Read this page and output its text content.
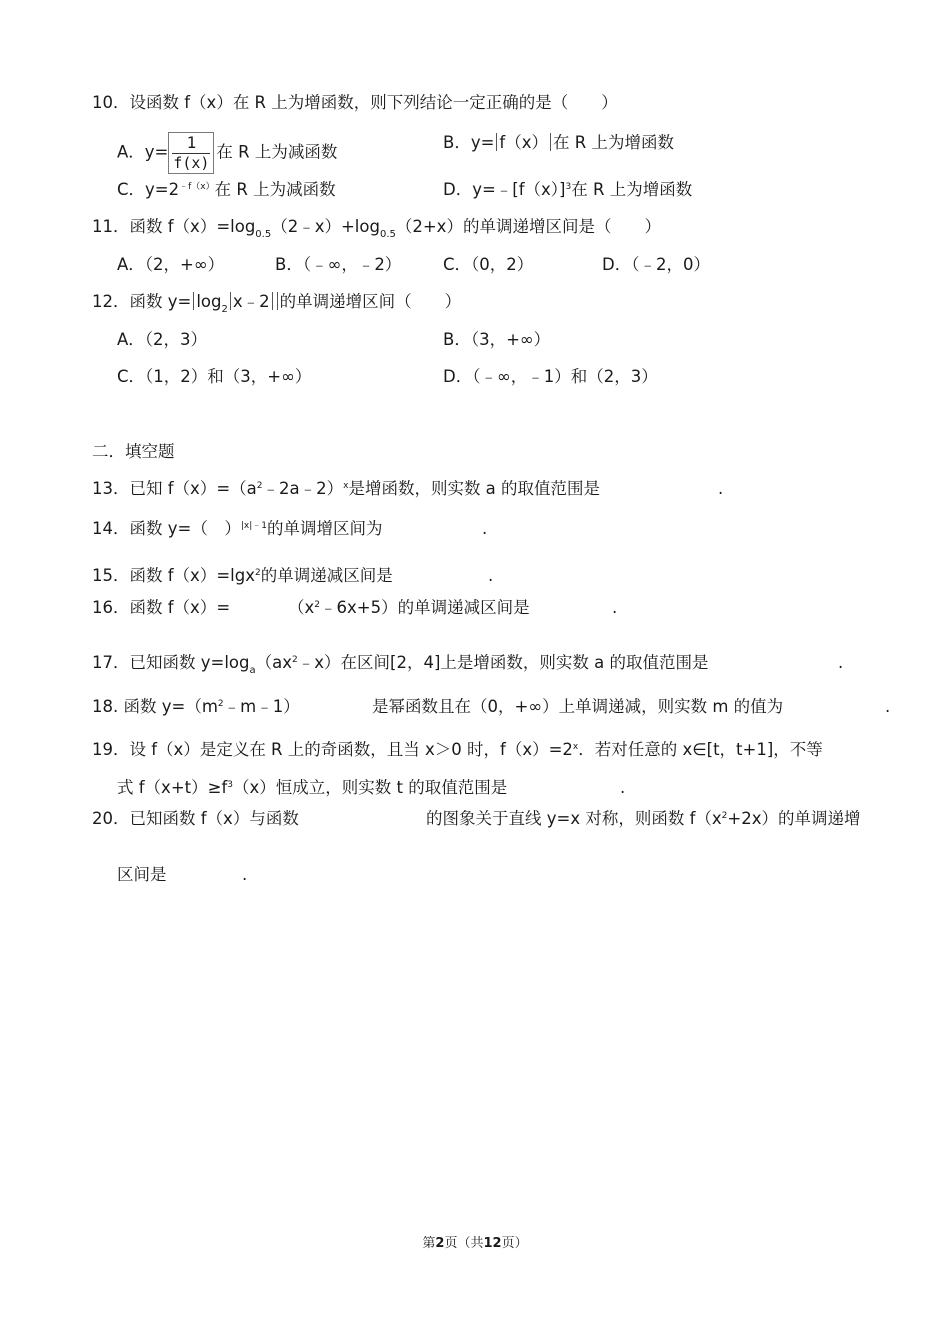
10．设函数 f（x）在 R 上为增函数，则下列结论一定正确的是（　　）
A．$y= \frac{1}{f(x)}$ 在 R 上为减函数	B．y= f（x） 在 R 上为增函数
C．$y=2^{﹣f(x)}$在 R 上为减函数	D．$y=﹣[f(x)]^3$在 R 上为增函数
11．函数 $f(x)=\log_{0.5}(2﹣x)+\log_{0.5}(2+x)$的单调递增区间是（　　）
A．（2，+∞）	B．（﹣∞，﹣2）	C．（0，2）	D．（﹣2，0）
12．函数 $y= \log_2$ x﹣2 的单调递增区间（　　）
A．（2，3）	B．（3，+∞）
C．（1，2）和（3，+∞）	D．（﹣∞，﹣1）和（2，3）
二．填空题
13．已知 $f(x)=(a^2﹣2a﹣2)^x$是增函数，则实数 a 的取值范围是	.
14．函数 y=（　）$^{|x|﹣1}$的单调增区间为	.
15．函数 f（x）=lgx$^2$的单调递减区间是	.
16．函数 f（x）=	$(x^2﹣6x+5)$的单调递减区间是	.
17．已知函数 $y=\log_a(ax^2﹣x)$在区间[2，4]上是增函数，则实数 a 的取值范围是	.
18. 函数 $y=(m^2﹣m﹣1)$	是幂函数且在（0，+∞）上单调递减，则实数 m 的值为	.
19．设 f（x）是定义在 R 上的奇函数，且当 x＞0 时，$f(x)=2^x$．若对任意的 x∈[t，t+1]，不等
式 $f(x+t)\ge f^3(x)$恒成立，则实数 t 的取值范围是	.
20．已知函数 f（x）与函数	的图象关于直线 y=x 对称，则函数 $f(x^2+2x)$的单调递增
区间是	.
第2页（共12页）
